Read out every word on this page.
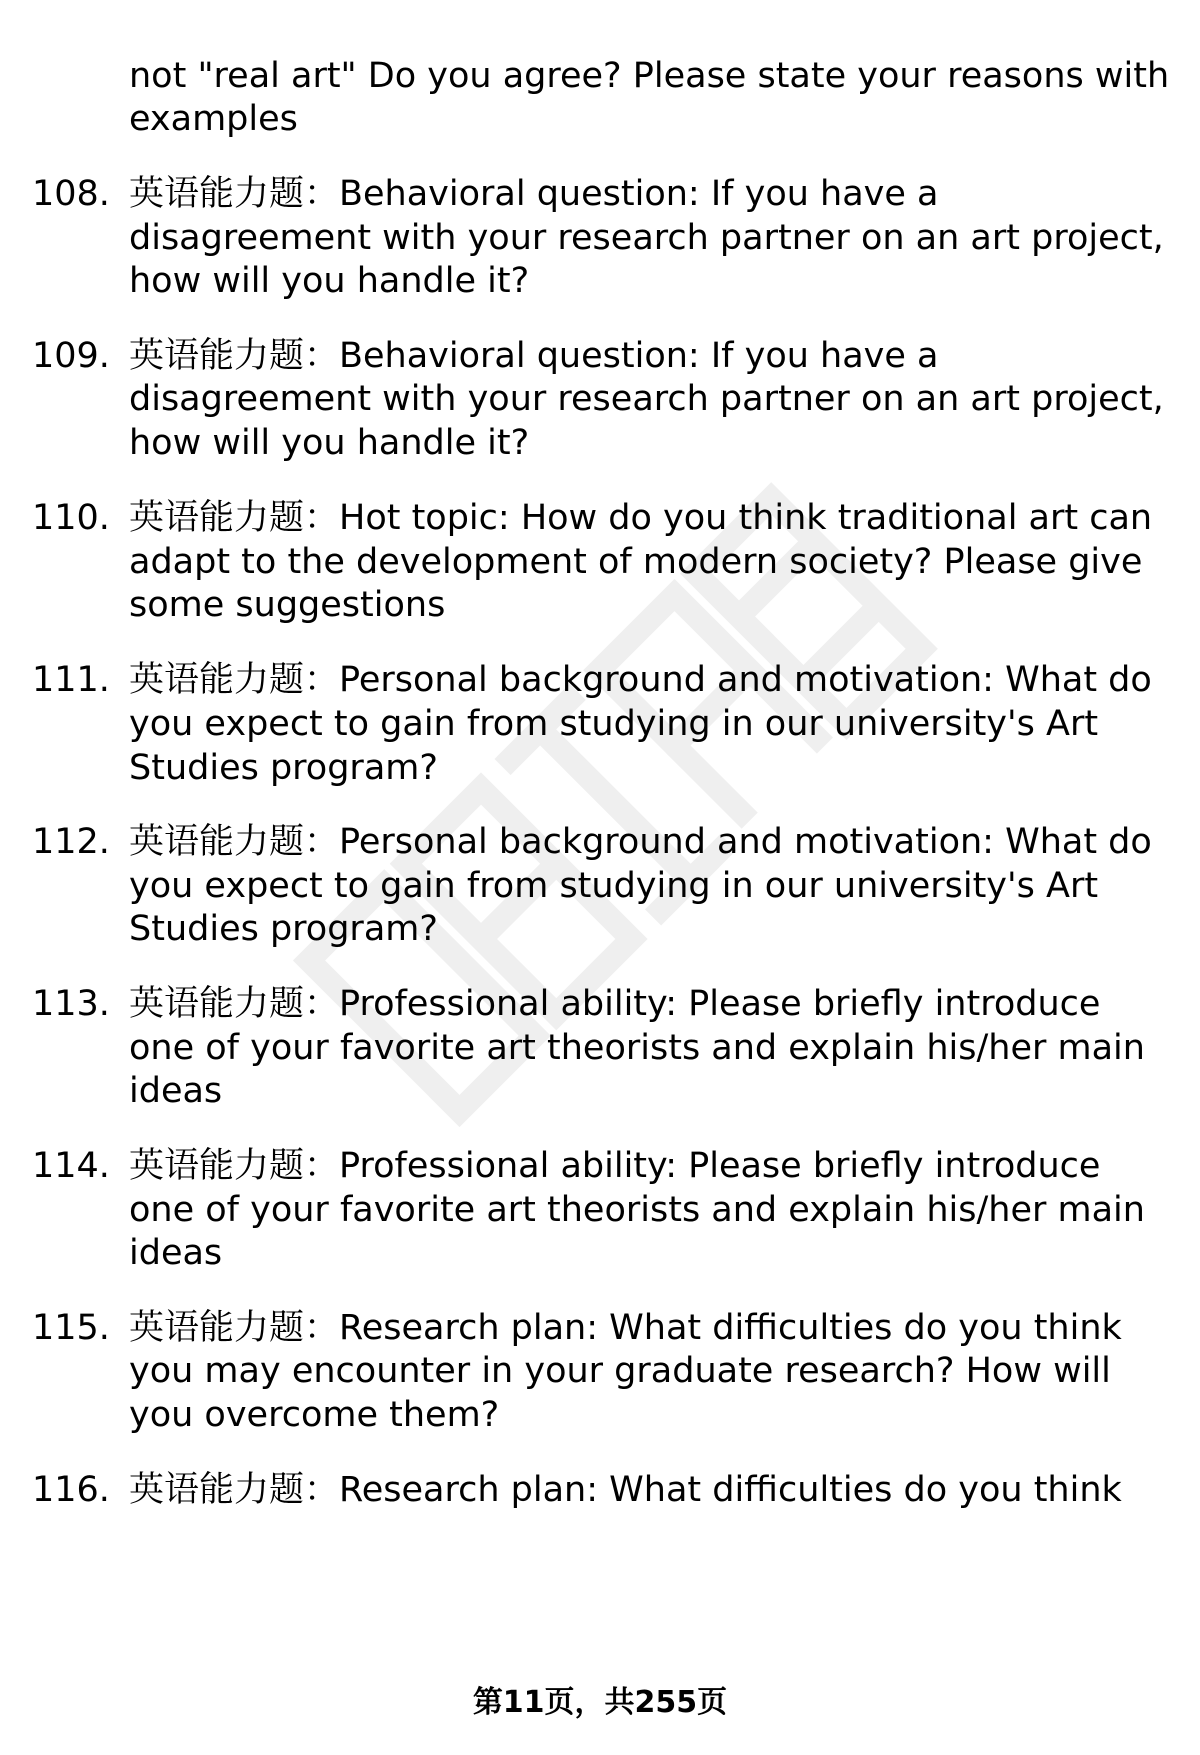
not "real art" Do you agree? Please state your reasons with
examples
108. 英语能力题：Behavioral question: If you have a
disagreement with your research partner on an art project,
how will you handle it?
109. 英语能力题：Behavioral question: If you have a
disagreement with your research partner on an art project,
how will you handle it?
110. 英语能力题：Hot topic: How do you think traditional art can
adapt to the development of modern society? Please give
some suggestions
111. 英语能力题：Personal background and motivation: What do
you expect to gain from studying in our university's Art
Studies program?
112. 英语能力题：Personal background and motivation: What do
you expect to gain from studying in our university's Art
Studies program?
113. 英语能力题：Professional ability: Please briefly introduce
one of your favorite art theorists and explain his/her main
ideas
114. 英语能力题：Professional ability: Please briefly introduce
one of your favorite art theorists and explain his/her main
ideas
115. 英语能力题：Research plan: What difficulties do you think
you may encounter in your graduate research? How will
you overcome them?
116. 英语能力题：Research plan: What difficulties do you think
第11页，共255页
